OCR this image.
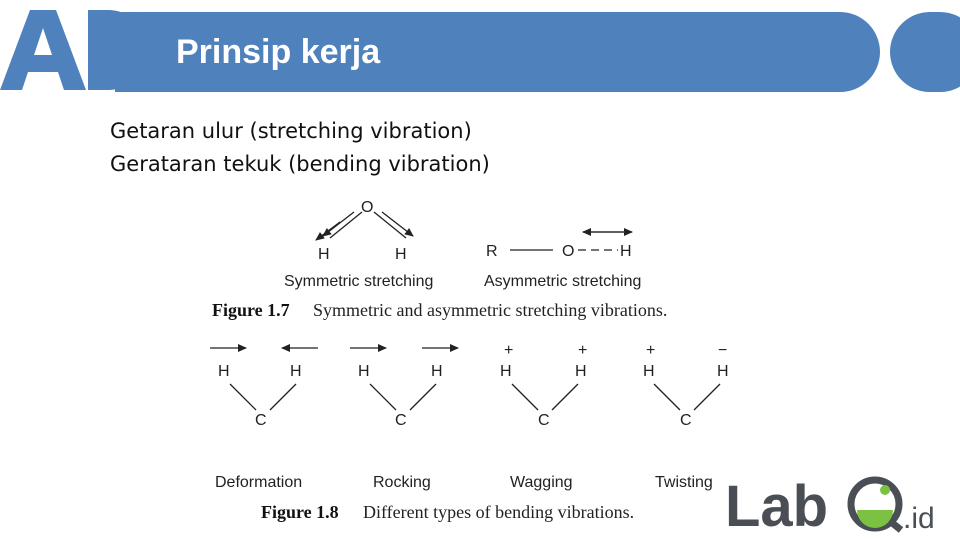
Prinsip kerja
Getaran ulur (stretching vibration)
Gerataran tekuk (bending vibration)
O
H	H
Symmetric stretching
R	O	H
Asymmetric stretching
Figure 1.7 Symmetric and asymmetric stretching vibrations.
H	H
C
Deformation
H	H
C
Rocking
+	+
H	H
C
Wagging
+	−
H	H
C
Twisting
Figure 1.8 Different types of bending vibrations. Lab .id
